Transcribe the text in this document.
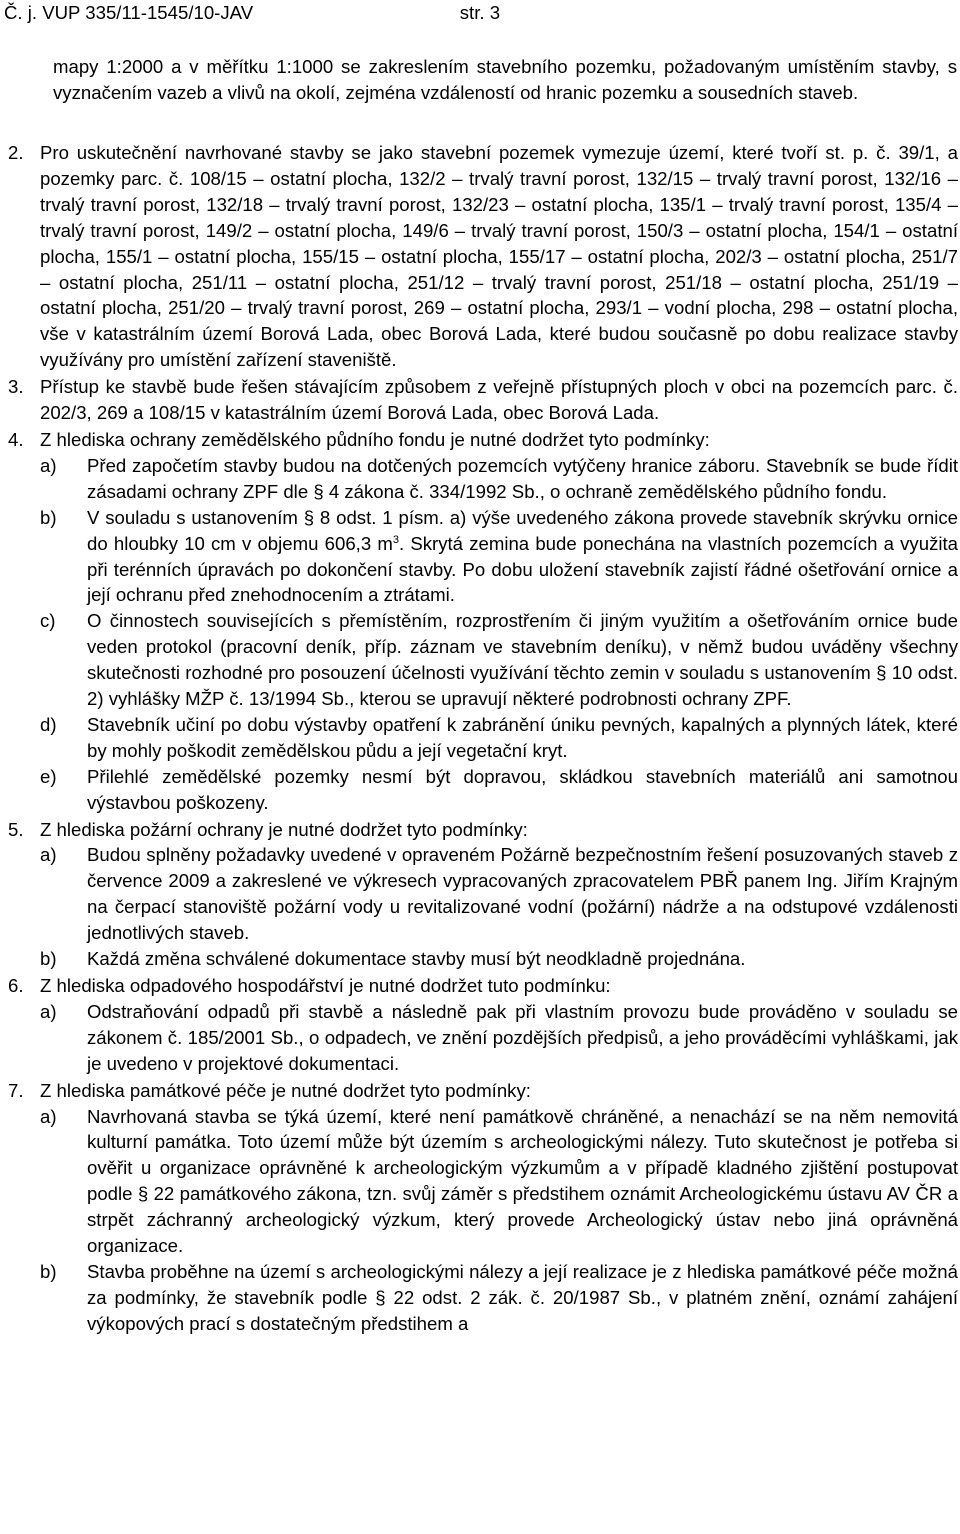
Č. j. VUP 335/11-1545/10-JAV	str. 3
mapy 1:2000 a v měřítku 1:1000 se zakreslením stavebního pozemku, požadovaným umístěním stavby, s vyznačením vazeb a vlivů na okolí, zejména vzdáleností od hranic pozemku a sousedních staveb.
2. Pro uskutečnění navrhované stavby se jako stavební pozemek vymezuje území, které tvoří st. p. č. 39/1, a pozemky parc. č. 108/15 – ostatní plocha, 132/2 – trvalý travní porost, 132/15 – trvalý travní porost, 132/16 – trvalý travní porost, 132/18 – trvalý travní porost, 132/23 – ostatní plocha, 135/1 – trvalý travní porost, 135/4 – trvalý travní porost, 149/2 – ostatní plocha, 149/6 – trvalý travní porost, 150/3 – ostatní plocha, 154/1 – ostatní plocha, 155/1 – ostatní plocha, 155/15 – ostatní plocha, 155/17 – ostatní plocha, 202/3 – ostatní plocha, 251/7 – ostatní plocha, 251/11 – ostatní plocha, 251/12 – trvalý travní porost, 251/18 – ostatní plocha, 251/19 – ostatní plocha, 251/20 – trvalý travní porost, 269 – ostatní plocha, 293/1 – vodní plocha, 298 – ostatní plocha, vše v katastrálním území Borová Lada, obec Borová Lada, které budou současně po dobu realizace stavby využívány pro umístění zařízení staveniště.
3. Přístup ke stavbě bude řešen stávajícím způsobem z veřejně přístupných ploch v obci na pozemcích parc. č. 202/3, 269 a 108/15 v katastrálním území Borová Lada, obec Borová Lada.
4. Z hlediska ochrany zemědělského půdního fondu je nutné dodržet tyto podmínky:
a)	Před započetím stavby budou na dotčených pozemcích vytýčeny hranice záboru. Stavebník se bude řídit zásadami ochrany ZPF dle § 4 zákona č. 334/1992 Sb., o ochraně zemědělského půdního fondu.
b)	V souladu s ustanovením § 8 odst. 1 písm. a) výše uvedeného zákona provede stavebník skrývku ornice do hloubky 10 cm v objemu 606,3 $m^3$. Skrytá zemina bude ponechána na vlastních pozemcích a využita při terénních úpravách po dokončení stavby. Po dobu uložení stavebník zajistí řádné ošetřování ornice a její ochranu před znehodnocením a ztrátami.
c)	O činnostech souvisejících s přemístěním, rozprostřením či jiným využitím a ošetřováním ornice bude veden protokol (pracovní deník, příp. záznam ve stavebním deníku), v němž budou uváděny všechny skutečnosti rozhodné pro posouzení účelnosti využívání těchto zemin v souladu s ustanovením § 10 odst. 2) vyhlášky MŽP č. 13/1994 Sb., kterou se upravují některé podrobnosti ochrany ZPF.
d)	Stavebník učiní po dobu výstavby opatření k zabránění úniku pevných, kapalných a plynných látek, které by mohly poškodit zemědělskou půdu a její vegetační kryt.
e)	Přilehlé zemědělské pozemky nesmí být dopravou, skládkou stavebních materiálů ani samotnou výstavbou poškozeny.
5. Z hlediska požární ochrany je nutné dodržet tyto podmínky:
a)	Budou splněny požadavky uvedené v opraveném Požárně bezpečnostním řešení posuzovaných staveb z července 2009 a zakreslené ve výkresech vypracovaných zpracovatelem PBŘ panem Ing. Jiřím Krajným na čerpací stanoviště požární vody u revitalizované vodní (požární) nádrže a na odstupové vzdálenosti jednotlivých staveb.
b)	Každá změna schválené dokumentace stavby musí být neodkladně projednána.
6. Z hlediska odpadového hospodářství je nutné dodržet tuto podmínku:
a)	Odstraňování odpadů při stavbě a následně pak při vlastním provozu bude prováděno v souladu se zákonem č. 185/2001 Sb., o odpadech, ve znění pozdějších předpisů, a jeho prováděcími vyhláškami, jak je uvedeno v projektové dokumentaci.
7. Z hlediska památkové péče je nutné dodržet tyto podmínky:
a)	Navrhovaná stavba se týká území, které není památkově chráněné, a nenachází se na něm nemovitá kulturní památka. Toto území může být územím s archeologickými nálezy. Tuto skutečnost je potřeba si ověřit u organizace oprávněné k archeologickým výzkumům a v případě kladného zjištění postupovat podle § 22 památkového zákona, tzn. svůj záměr s předstihem oznámit Archeologickému ústavu AV ČR a strpět záchranný archeologický výzkum, který provede Archeologický ústav nebo jiná oprávněná organizace.
b)	Stavba proběhne na území s archeologickými nálezy a její realizace je z hlediska památkové péče možná za podmínky, že stavebník podle § 22 odst. 2 zák. č. 20/1987 Sb., v platném znění, oznámí zahájení výkopových prací s dostatečným předstihem a
